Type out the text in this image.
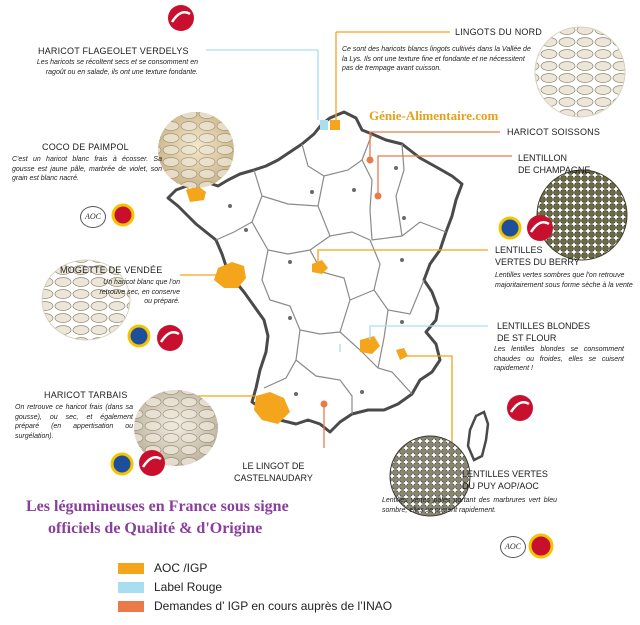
AOC
AOC
HARICOT FLAGEOLET VERDELYS
Les haricots se récoltent secs et se consomment en ragoût ou en salade, ils ont une texture fondante.
LINGOTS DU NORD
Ce sont des haricots blancs lingots cultivés dans la Vallée de la Lys. Ils ont une texture fine et fondante et ne nécessitent pas de trempage avant cuisson.
COCO DE PAIMPOL
C'est un haricot blanc frais à écosser. Sa gousse est jaune pâle, marbrée de violet, son grain est blanc nacré.
HARICOT SOISSONS
LENTILLON
DE CHAMPAGNE
Génie-Alimentaire.com
LENTILLES
VERTES DU BERRY
Lentilles vertes sombres que l'on retrouve majoritairement sous forme sèche à la vente
MOGETTE DE VENDÉE
Un haricot blanc que l'on retrouve sec, en conserve ou préparé.
LENTILLES BLONDES
DE ST FLOUR
Les lentilles blondes se consomment chaudes ou froides, elles se cuisent rapidement !
HARICOT TARBAIS
On retrouve ce haricot frais (dans sa gousse), ou sec, et également préparé (en appertisation ou surgélation).
LE LINGOT DE
CASTELNAUDARY	LENTILLES VERTES
DU PUY AOP/AOC
Lentilles vertes pâles portant des marbrures vert bleu sombre, elles se cuisent rapidement.
Les légumineuses en France sous signe
officiels de Qualité & d'Origine
AOC /IGP
Label Rouge
Demandes d’ IGP en cours auprès de l’INAO
